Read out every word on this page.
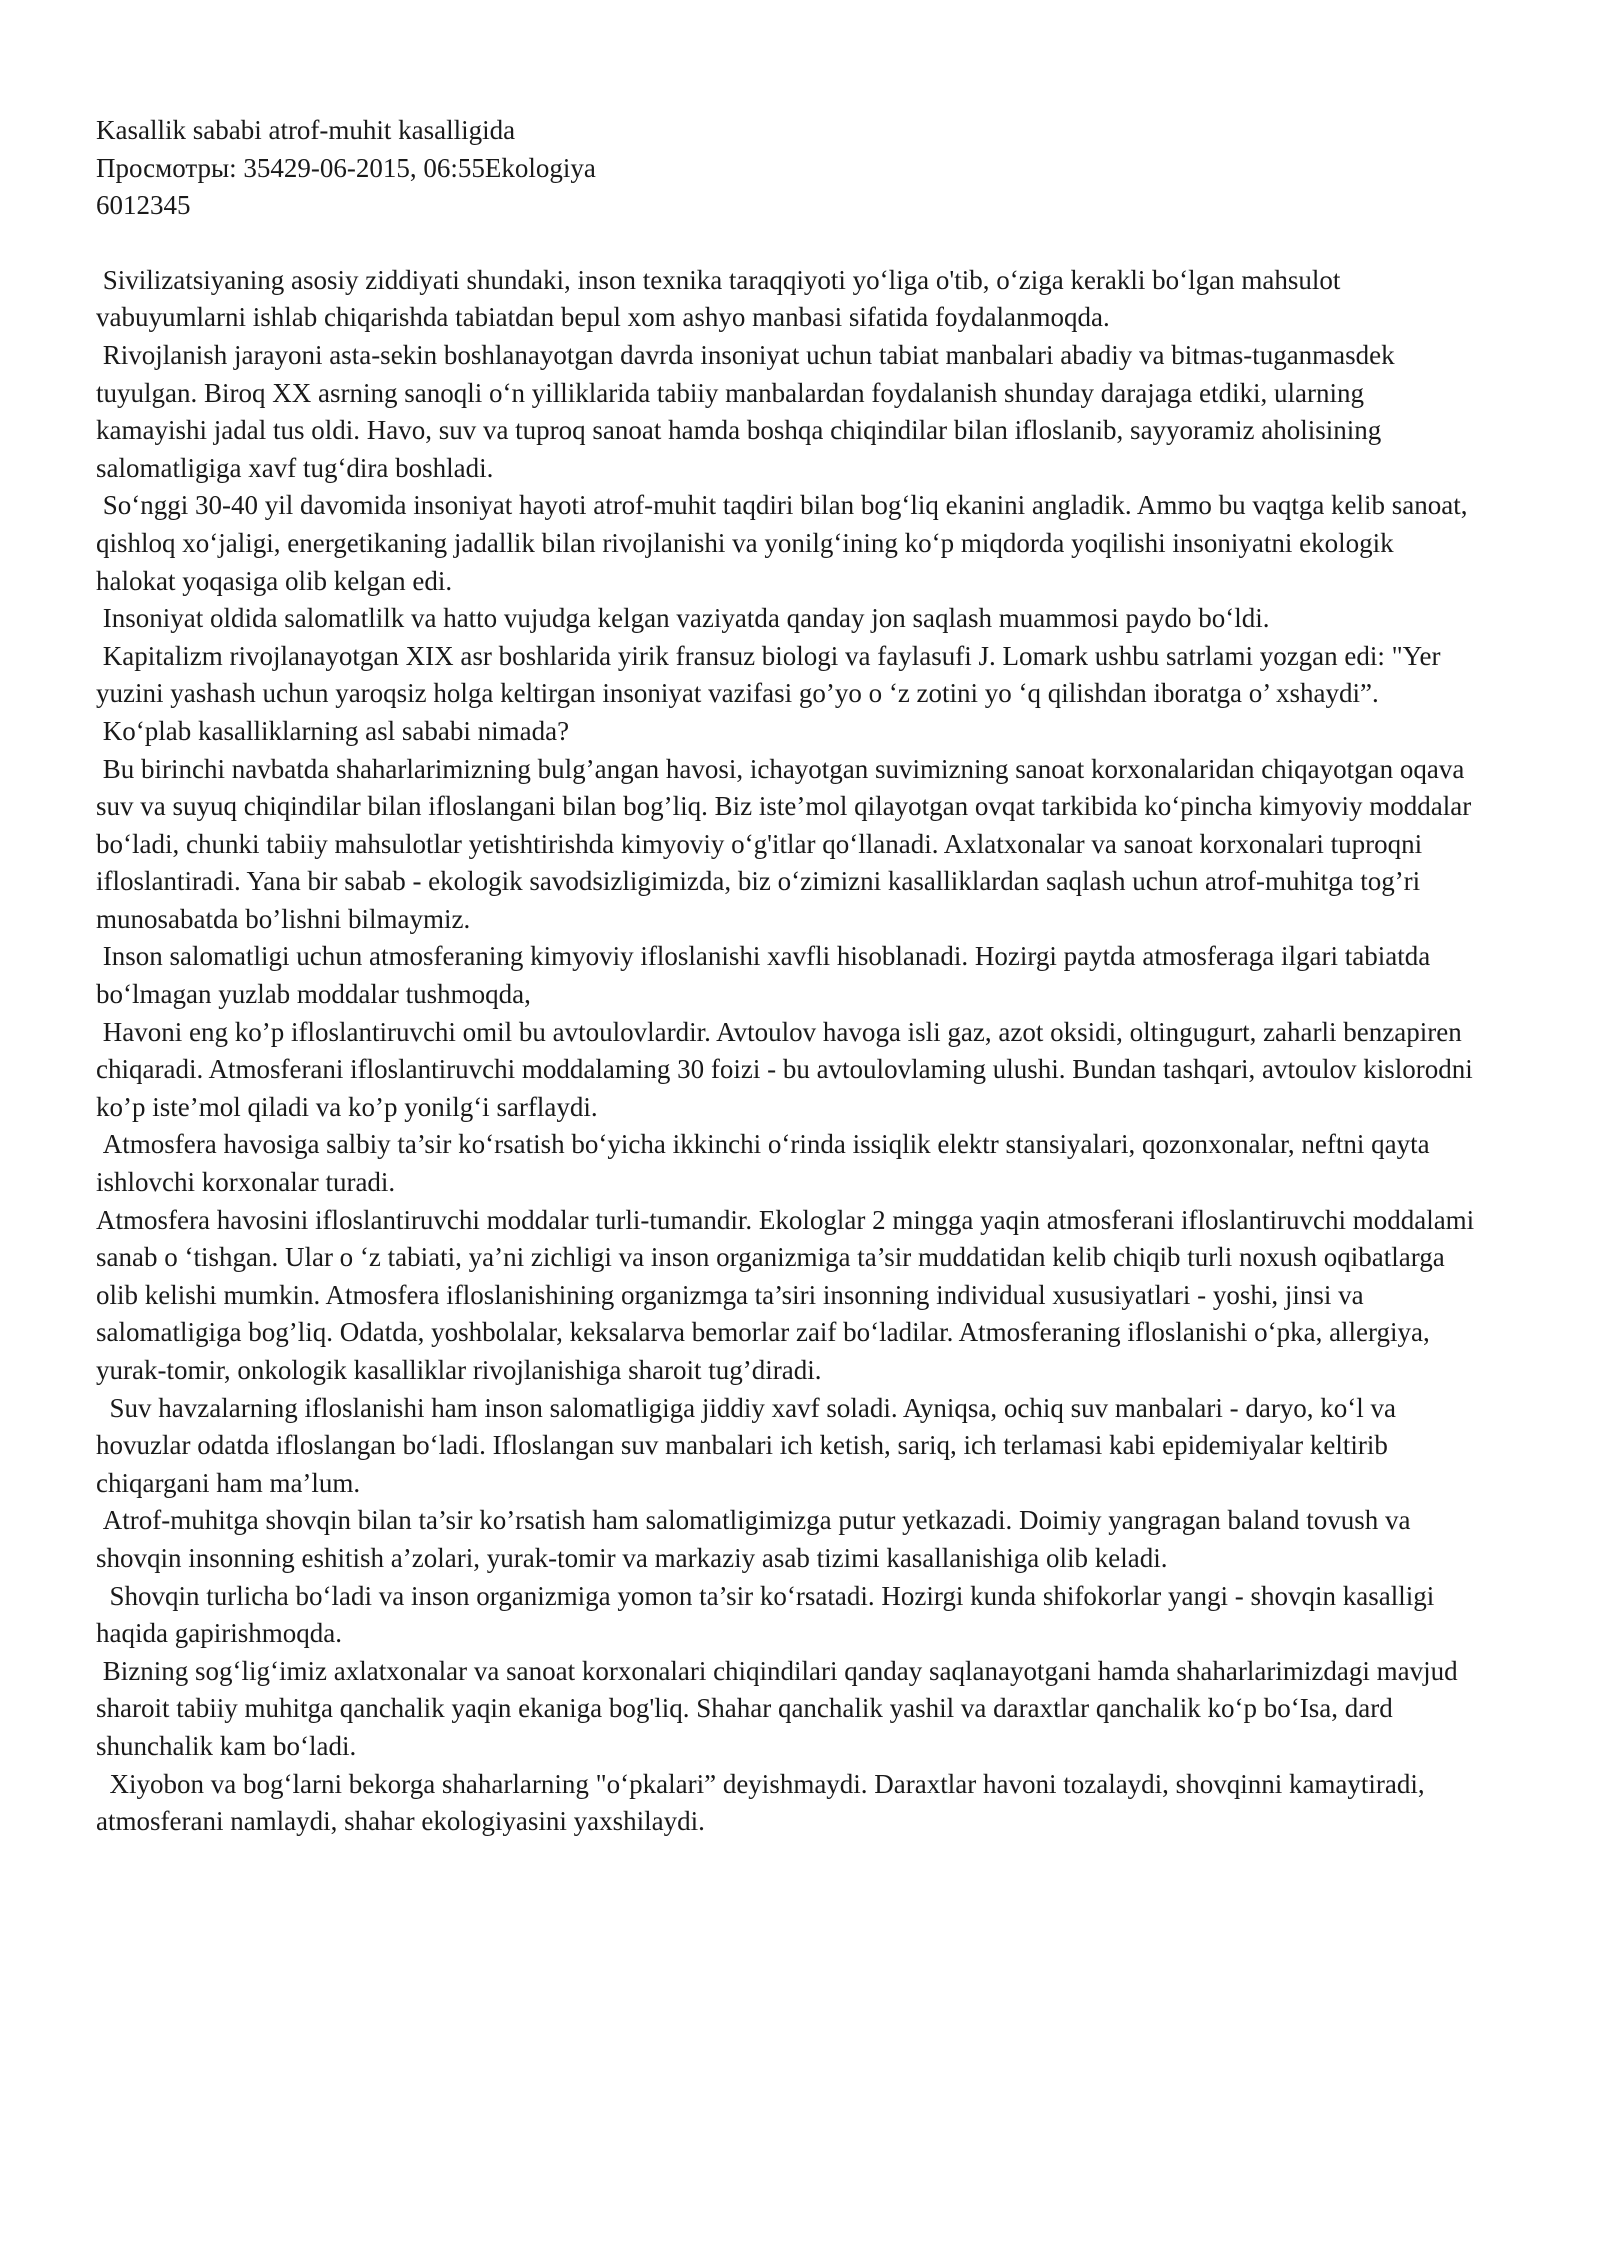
Kasallik sababi atrof-muhit kasalligida
Просмотры: 35429-06-2015, 06:55Ekologiya
6012345

Sivilizatsiyaning asosiy ziddiyati shundaki, inson texnika taraqqiyoti yo‘liga o'tib, o‘ziga kerakli bo‘lgan mahsulot vabuyumlarni ishlab chiqarishda tabiatdan bepul xom ashyo manbasi sifatida foydalanmoqda.

Rivojlanish jarayoni asta-sekin boshlanayotgan davrda insoniyat uchun tabiat manbalari abadiy va bitmas-tuganmasdek tuyulgan. Biroq XX asrning sanoqli o‘n yilliklarida tabiiy manbalardan foydalanish shunday darajaga etdiki, ularning kamayishi jadal tus oldi. Havo, suv va tuproq sanoat hamda boshqa chiqindilar bilan ifloslanib, sayyoramiz aholisining salomatligiga xavf tug‘dira boshladi.

So‘nggi 30-40 yil davomida insoniyat hayoti atrof-muhit taqdiri bilan bog‘liq ekanini angladik. Ammo bu vaqtga kelib sanoat, qishloq xo‘jaligi, energetikaning jadallik bilan rivojlanishi va yonilg‘ining ko‘p miqdorda yoqilishi insoniyatni ekologik halokat yoqasiga olib kelgan edi.

Insoniyat oldida salomatlilk va hatto vujudga kelgan vaziyatda qanday jon saqlash muammosi paydo bo‘ldi.

Kapitalizm rivojlanayotgan XIX asr boshlarida yirik fransuz biologi va faylasufi J. Lomark ushbu satrlami yozgan edi: "Yer yuzini yashash uchun yaroqsiz holga keltirgan insoniyat vazifasi go’yo o ‘z zotini yo ‘q qilishdan iboratga o’ xshaydi”.

Ko‘plab kasalliklarning asl sababi nimada?

Bu birinchi navbatda shaharlarimizning bulg’angan havosi, ichayotgan suvimizning sanoat korxonalaridan chiqayotgan oqava suv va suyuq chiqindilar bilan ifloslangani bilan bog’liq. Biz iste’mol qilayotgan ovqat tarkibida ko‘pincha kimyoviy moddalar bo‘ladi, chunki tabiiy mahsulotlar yetishtirishda kimyoviy o‘g'itlar qo‘llanadi. Axlatxonalar va sanoat korxonalari tuproqni ifloslantiradi. Yana bir sabab - ekologik savodsizligimizda, biz o‘zimizni kasalliklardan saqlash uchun atrof-muhitga tog’ri munosabatda bo’lishni bilmaymiz.

Inson salomatligi uchun atmosferaning kimyoviy ifloslanishi xavfli hisoblanadi. Hozirgi paytda atmosferaga ilgari tabiatda bo‘lmagan yuzlab moddalar tushmoqda,

Havoni eng ko’p ifloslantiruvchi omil bu avtoulovlardir. Avtoulov havoga isli gaz, azot oksidi, oltingugurt, zaharli benzapiren chiqaradi. Atmosferani ifloslantiruvchi moddalaming 30 foizi - bu avtoulovlaming ulushi. Bundan tashqari, avtoulov kislorodni ko’p iste’mol qiladi va ko’p yonilg‘i sarflaydi.

Atmosfera havosiga salbiy ta’sir ko‘rsatish bo‘yicha ikkinchi o‘rinda issiqlik elektr stansiyalari, qozonxonalar, neftni qayta ishlovchi korxonalar turadi.

Atmosfera havosini ifloslantiruvchi moddalar turli-tumandir. Ekologlar 2 mingga yaqin atmosferani ifloslantiruvchi moddalami sanab o ‘tishgan. Ular o ‘z tabiati, ya’ni zichligi va inson organizmiga ta’sir muddatidan kelib chiqib turli noxush oqibatlarga olib kelishi mumkin. Atmosfera ifloslanishining organizmga ta’siri insonning individual xususiyatlari - yoshi, jinsi va salomatligiga bog’liq. Odatda, yoshbolalar, keksalarva bemorlar zaif bo‘ladilar. Atmosferaning ifloslanishi o‘pka, allergiya, yurak-tomir, onkologik kasalliklar rivojlanishiga sharoit tug’diradi.

Suv havzalarning ifloslanishi ham inson salomatligiga jiddiy xavf soladi. Ayniqsa, ochiq suv manbalari - daryo, ko‘l va hovuzlar odatda ifloslangan bo‘ladi. Ifloslangan suv manbalari ich ketish, sariq, ich terlamasi kabi epidemiyalar keltirib chiqargani ham ma’lum.

Atrof-muhitga shovqin bilan ta’sir ko’rsatish ham salomatligimizga putur yetkazadi. Doimiy yangragan baland tovush va shovqin insonning eshitish a’zolari, yurak-tomir va markaziy asab tizimi kasallanishiga olib keladi.

Shovqin turlicha bo‘ladi va inson organizmiga yomon ta’sir ko‘rsatadi. Hozirgi kunda shifokorlar yangi - shovqin kasalligi haqida gapirishmoqda.

Bizning sog‘lig‘imiz axlatxonalar va sanoat korxonalari chiqindilari qanday saqlanayotgani hamda shaharlarimizdagi mavjud sharoit tabiiy muhitga qanchalik yaqin ekaniga bog'liq. Shahar qanchalik yashil va daraxtlar qanchalik ko‘p bo‘Isa, dard shunchalik kam bo‘ladi.

Xiyobon va bog‘larni bekorga shaharlarning "o‘pkalari” deyishmaydi. Daraxtlar havoni tozalaydi, shovqinni kamaytiradi, atmosferani namlaydi, shahar ekologiyasini yaxshilaydi.
